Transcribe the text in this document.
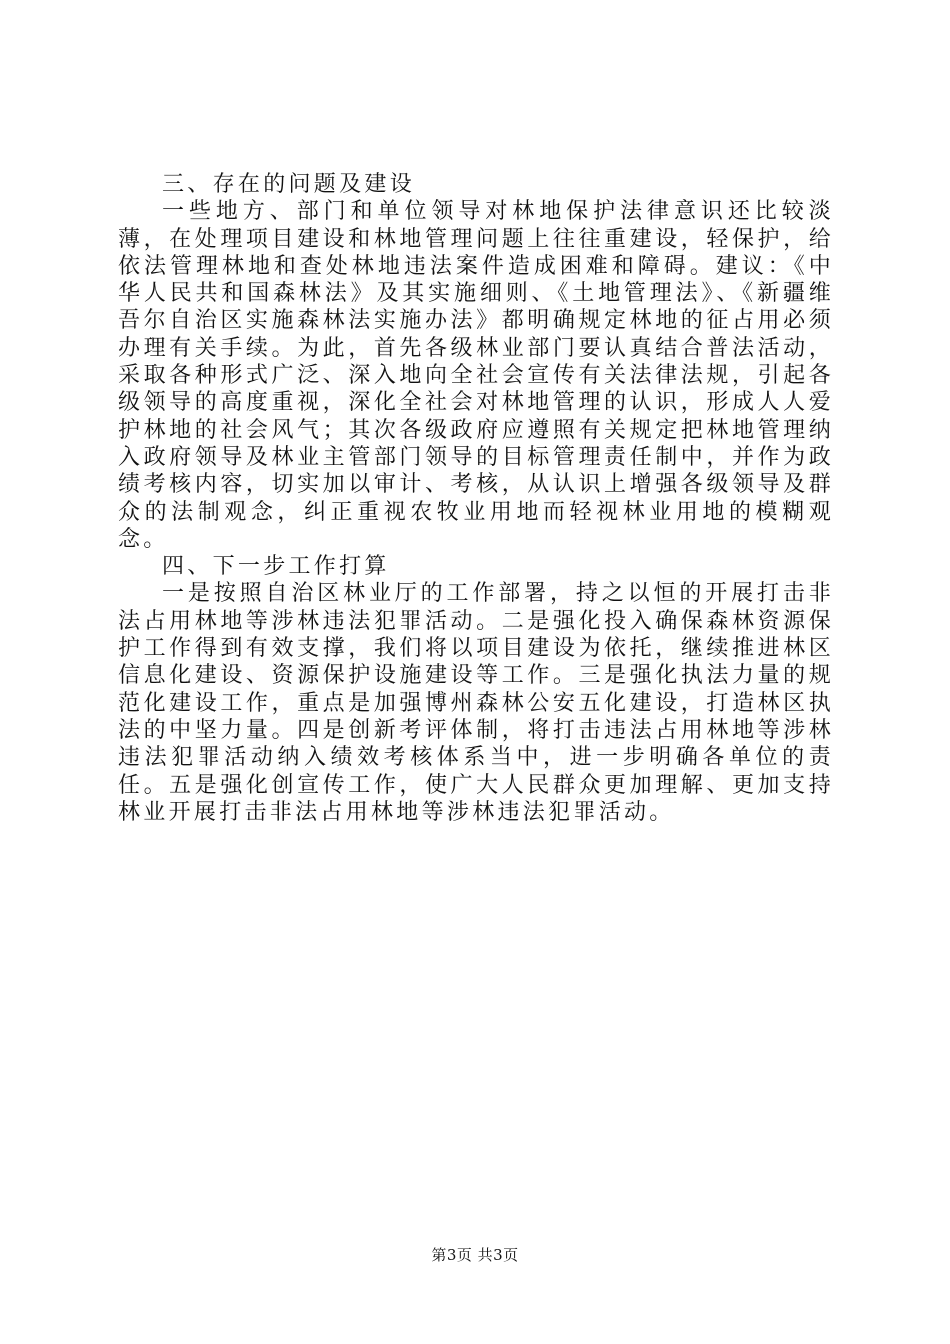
三、存在的问题及建设

一些地方、部门和单位领导对林地保护法律意识还比较淡薄，在处理项目建设和林地管理问题上往往重建设，轻保护，给依法管理林地和查处林地违法案件造成困难和障碍。建议：《中华人民共和国森林法》及其实施细则、《土地管理法》、《新疆维吾尔自治区实施森林法实施办法》都明确规定林地的征占用必须办理有关手续。为此，首先各级林业部门要认真结合普法活动，采取各种形式广泛、深入地向全社会宣传有关法律法规，引起各级领导的高度重视，深化全社会对林地管理的认识，形成人人爱护林地的社会风气；其次各级政府应遵照有关规定把林地管理纳入政府领导及林业主管部门领导的目标管理责任制中，并作为政绩考核内容，切实加以审计、考核，从认识上增强各级领导及群众的法制观念，纠正重视农牧业用地而轻视林业用地的模糊观念。

四、下一步工作打算

一是按照自治区林业厅的工作部署，持之以恒的开展打击非法占用林地等涉林违法犯罪活动。二是强化投入确保森林资源保护工作得到有效支撑，我们将以项目建设为依托，继续推进林区信息化建设、资源保护设施建设等工作。三是强化执法力量的规范化建设工作，重点是加强博州森林公安五化建设，打造林区执法的中坚力量。四是创新考评体制，将打击违法占用林地等涉林违法犯罪活动纳入绩效考核体系当中，进一步明确各单位的责任。五是强化创宣传工作，使广大人民群众更加理解、更加支持林业开展打击非法占用林地等涉林违法犯罪活动。

第3页 共3页
